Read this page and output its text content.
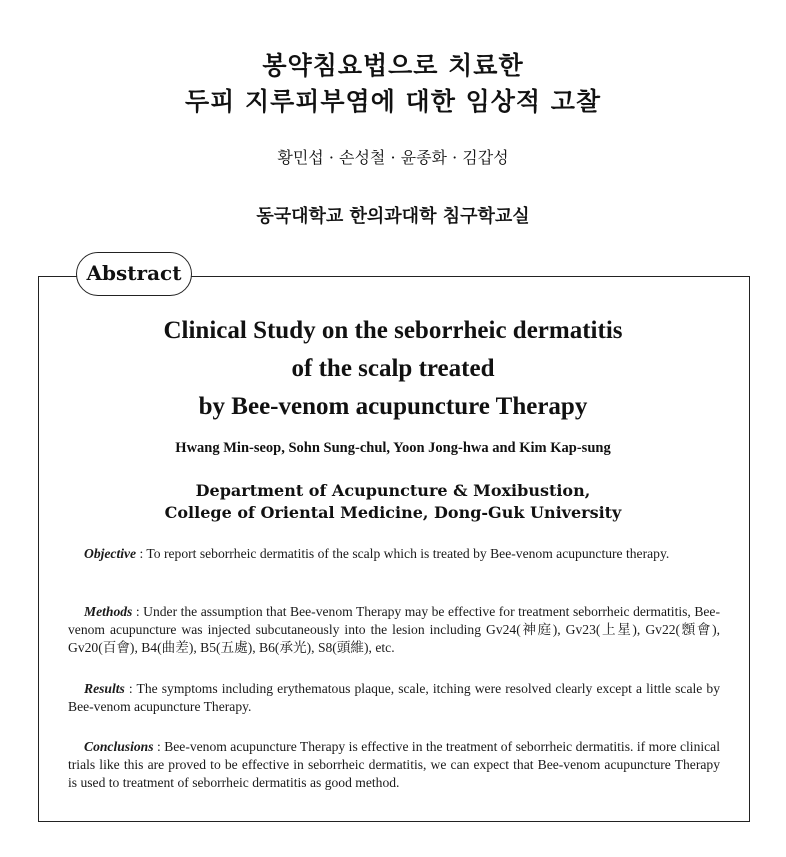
봉약침요법으로 치료한
두피 지루피부염에 대한 임상적 고찰
황민섭 · 손성철 · 윤종화 · 김갑성
동국대학교 한의과대학 침구학교실
Abstract
Clinical Study on the seborrheic dermatitis
of the scalp treated
by Bee-venom acupuncture Therapy
Hwang Min-seop, Sohn Sung-chul, Yoon Jong-hwa and Kim Kap-sung
Department of Acupuncture & Moxibustion,
College of Oriental Medicine, Dong-Guk University
Objective : To report seborrheic dermatitis of the scalp which is treated by Bee-venom acupuncture therapy.
Methods : Under the assumption that Bee-venom Therapy may be effective for treatment seborrheic dermatitis, Bee-venom acupuncture was injected subcutaneously into the lesion including Gv24(神庭), Gv23(上星), Gv22(顖會), Gv20(百會), B4(曲差), B5(五處), B6(承光), S8(頭維), etc.
Results : The symptoms including erythematous plaque, scale, itching were resolved clearly except a little scale by Bee-venom acupuncture Therapy.
Conclusions : Bee-venom acupuncture Therapy is effective in the treatment of seborrheic dermatitis. if more clinical trials like this are proved to be effective in seborrheic dermatitis, we can expect that Bee-venom acupuncture Therapy is used to treatment of seborrheic dermatitis as good method.
